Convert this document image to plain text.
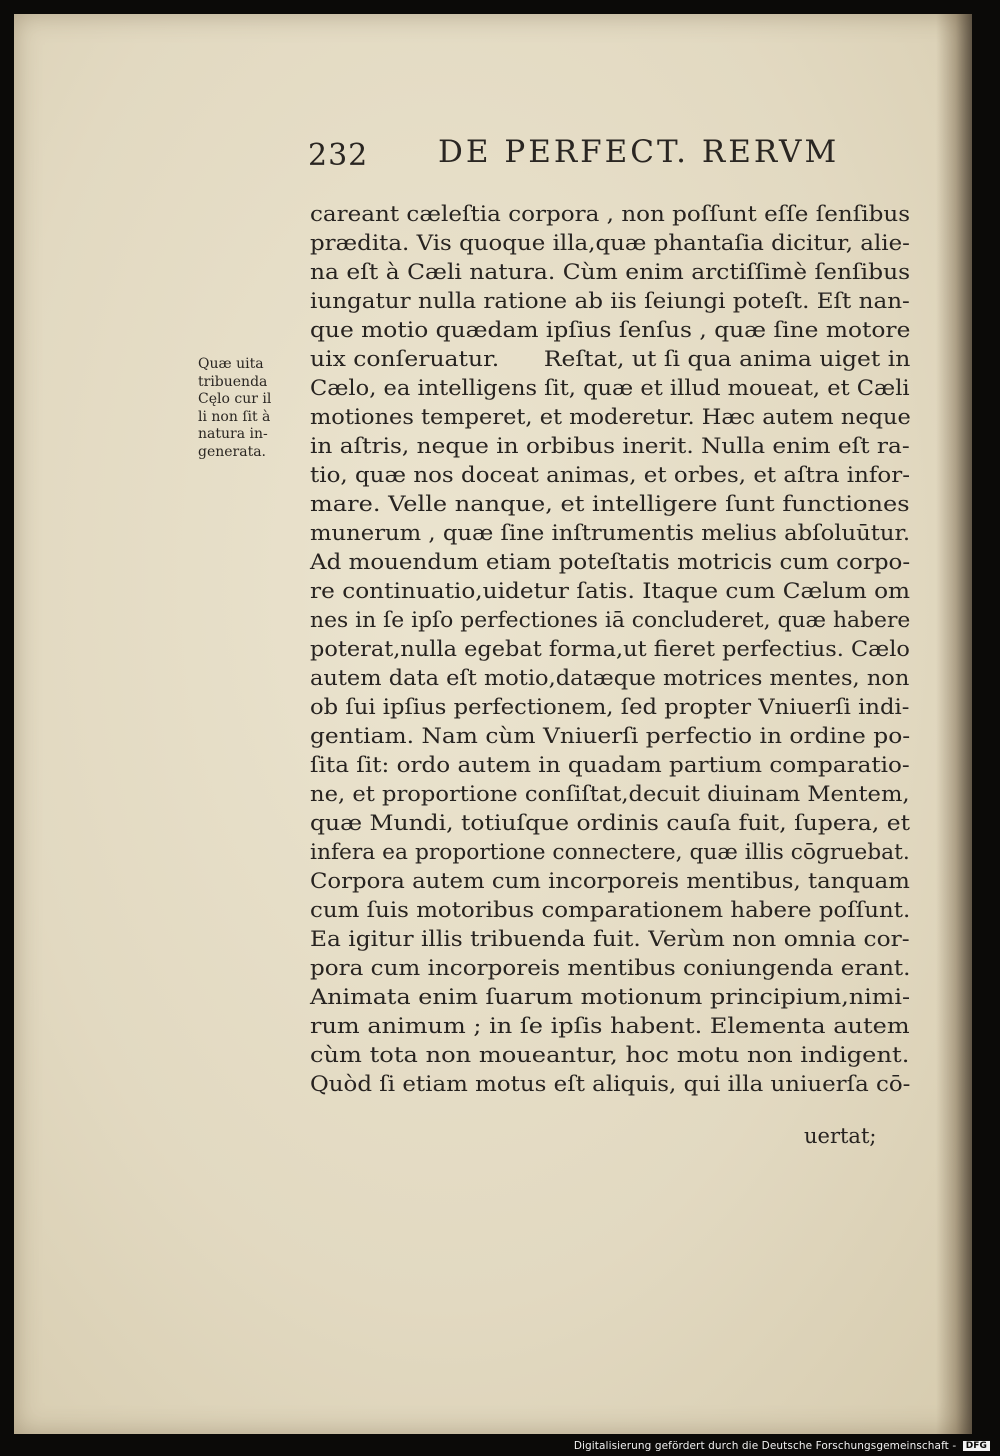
232 DE PERFECT. RERVM
Quæ uita
tribuenda
Cęlo cur il
li non ſit à
natura in-
generata.
careant cæleſtia corpora , non poſſunt eſſe ſenſibus
prædita. Vis quoque illa,quæ phantaſia dicitur, alie-
na eſt à Cæli natura. Cùm enim arctiſſimè ſenſibus
iungatur nulla ratione ab iis ſeiungi poteſt. Eſt nan-
que motio quædam ipſius ſenſus , quæ ſine motore
uix conſeruatur.      Reſtat, ut ſi qua anima uiget in
Cælo, ea intelligens ſit, quæ et illud moueat, et Cæli
motiones temperet, et moderetur. Hæc autem neque
in aſtris, neque in orbibus inerit. Nulla enim eſt ra-
tio, quæ nos doceat animas, et orbes, et aſtra infor-
mare. Velle nanque, et intelligere ſunt functiones
munerum , quæ ſine inſtrumentis melius abſoluūtur.
Ad mouendum etiam poteſtatis motricis cum corpo-
re continuatio,uidetur ſatis. Itaque cum Cælum om
nes in ſe ipſo perfectiones iā concluderet, quæ habere
poterat,nulla egebat forma,ut fieret perfectius. Cælo
autem data eſt motio,datæque motrices mentes, non
ob ſui ipſius perfectionem, ſed propter Vniuerſi indi-
gentiam. Nam cùm Vniuerſi perfectio in ordine po-
ſita ſit: ordo autem in quadam partium comparatio-
ne, et proportione conſiſtat,decuit diuinam Mentem,
quæ Mundi, totiuſque ordinis cauſa fuit, ſupera, et
infera ea proportione connectere, quæ illis cōgruebat.
Corpora autem cum incorporeis mentibus, tanquam
cum ſuis motoribus comparationem habere poſſunt.
Ea igitur illis tribuenda fuit. Verùm non omnia cor-
pora cum incorporeis mentibus coniungenda erant.
Animata enim ſuarum motionum principium,nimi-
rum animum ; in ſe ipſis habent. Elementa autem
cùm tota non moueantur, hoc motu non indigent.
Quòd ſi etiam motus eſt aliquis, qui illa uniuerſa cō-
uertat;
Digitalisierung gefördert durch die Deutsche Forschungsgemeinschaft - DFG
